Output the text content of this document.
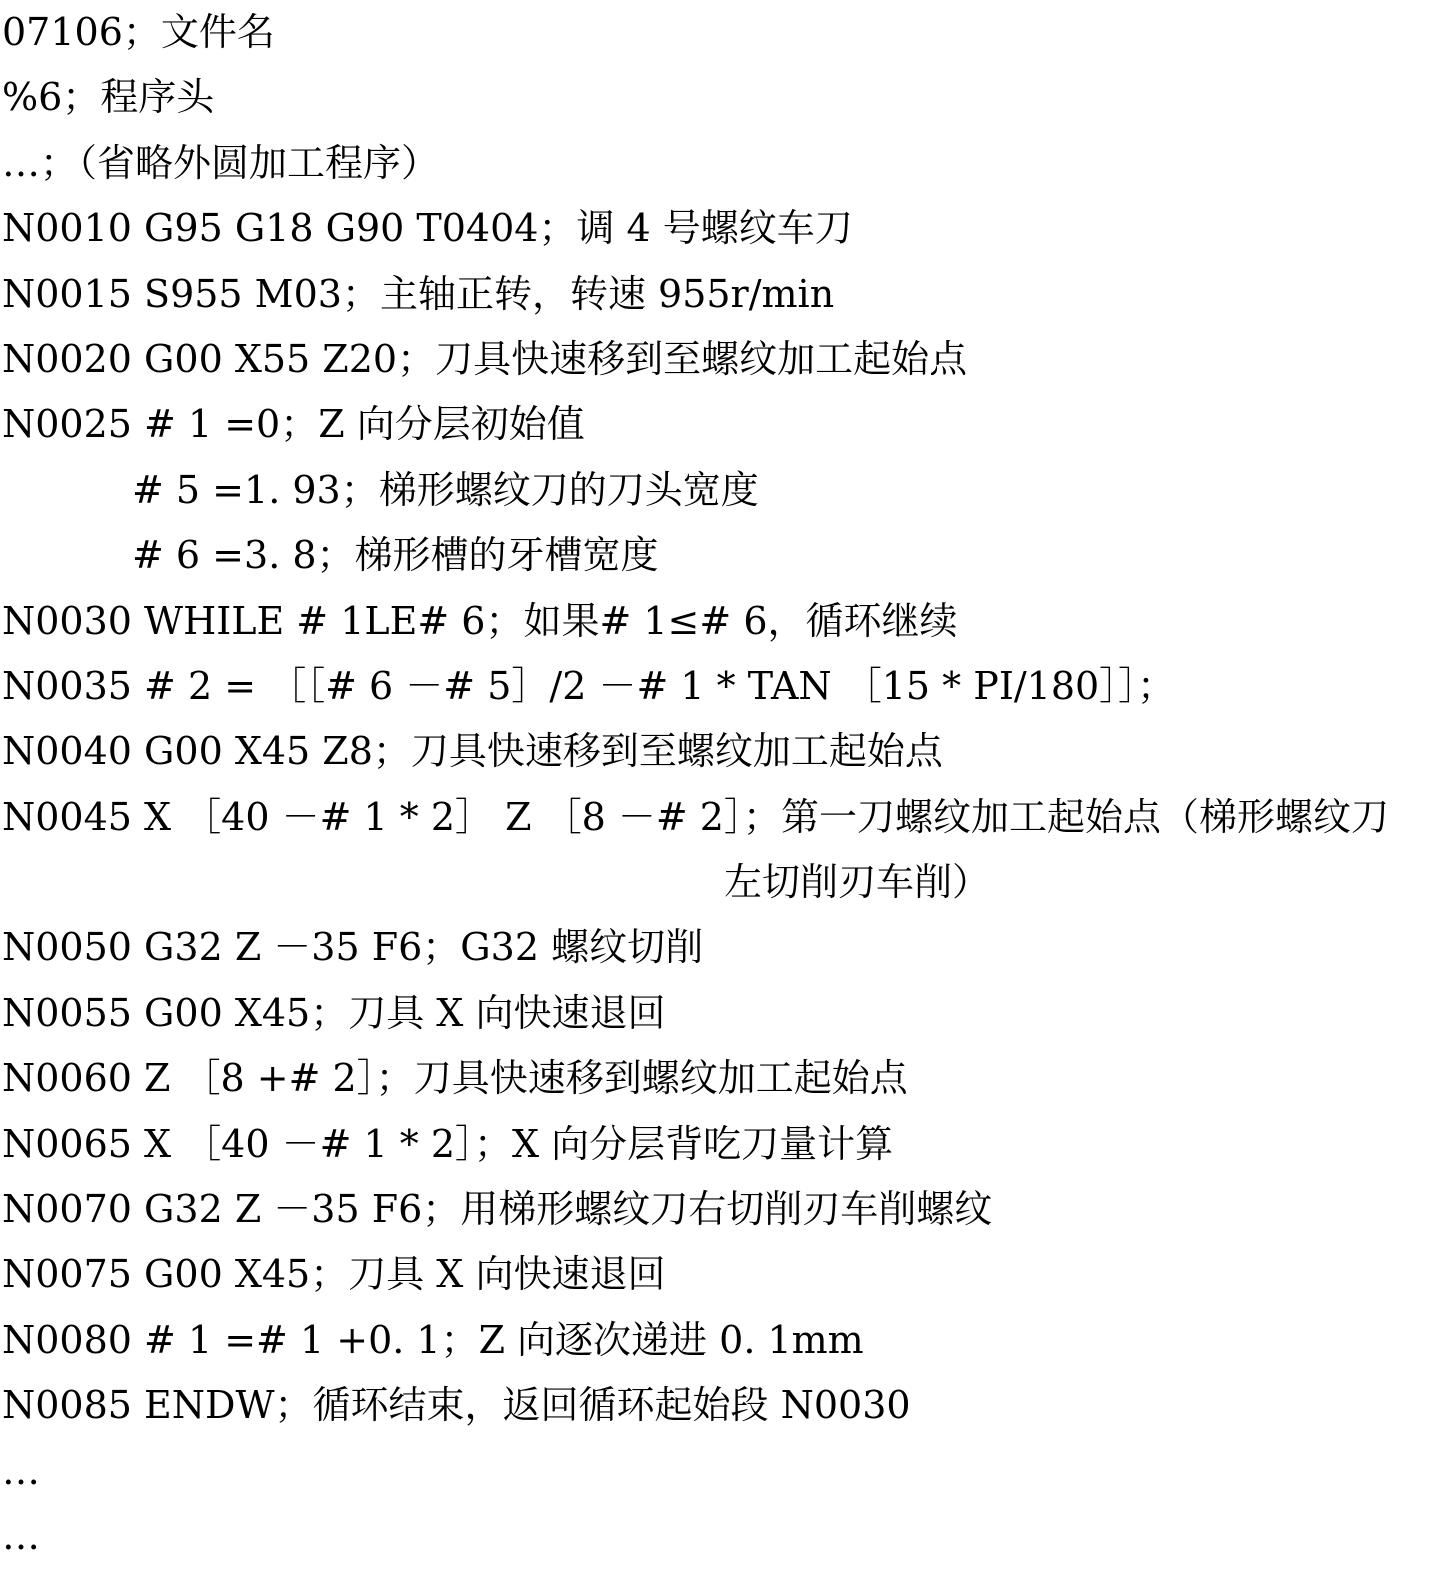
07106；文件名
%6；程序头
…；（省略外圆加工程序）
N0010 G95 G18 G90 T0404；调 4 号螺纹车刀
N0015 S955 M03；主轴正转，转速 955r/min
N0020 G00 X55 Z20；刀具快速移到至螺纹加工起始点
N0025 # 1 =0；Z 向分层初始值
# 5 =1. 93；梯形螺纹刀的刀头宽度
# 6 =3. 8；梯形槽的牙槽宽度
N0030 WHILE # 1LE# 6；如果# 1≤# 6，循环继续
N0035 # 2 = ［［# 6 －# 5］/2 －# 1 * TAN ［15 * PI/180］］；
N0040 G00 X45 Z8；刀具快速移到至螺纹加工起始点
N0045 X ［40 －# 1 * 2］ Z ［8 －# 2］；第一刀螺纹加工起始点（梯形螺纹刀
左切削刃车削）
N0050 G32 Z －35 F6；G32 螺纹切削
N0055 G00 X45；刀具 X 向快速退回
N0060 Z ［8 +# 2］；刀具快速移到螺纹加工起始点
N0065 X ［40 －# 1 * 2］；X 向分层背吃刀量计算
N0070 G32 Z －35 F6；用梯形螺纹刀右切削刃车削螺纹
N0075 G00 X45；刀具 X 向快速退回
N0080 # 1 =# 1 +0. 1；Z 向逐次递进 0. 1mm
N0085 ENDW；循环结束，返回循环起始段 N0030
…
…
